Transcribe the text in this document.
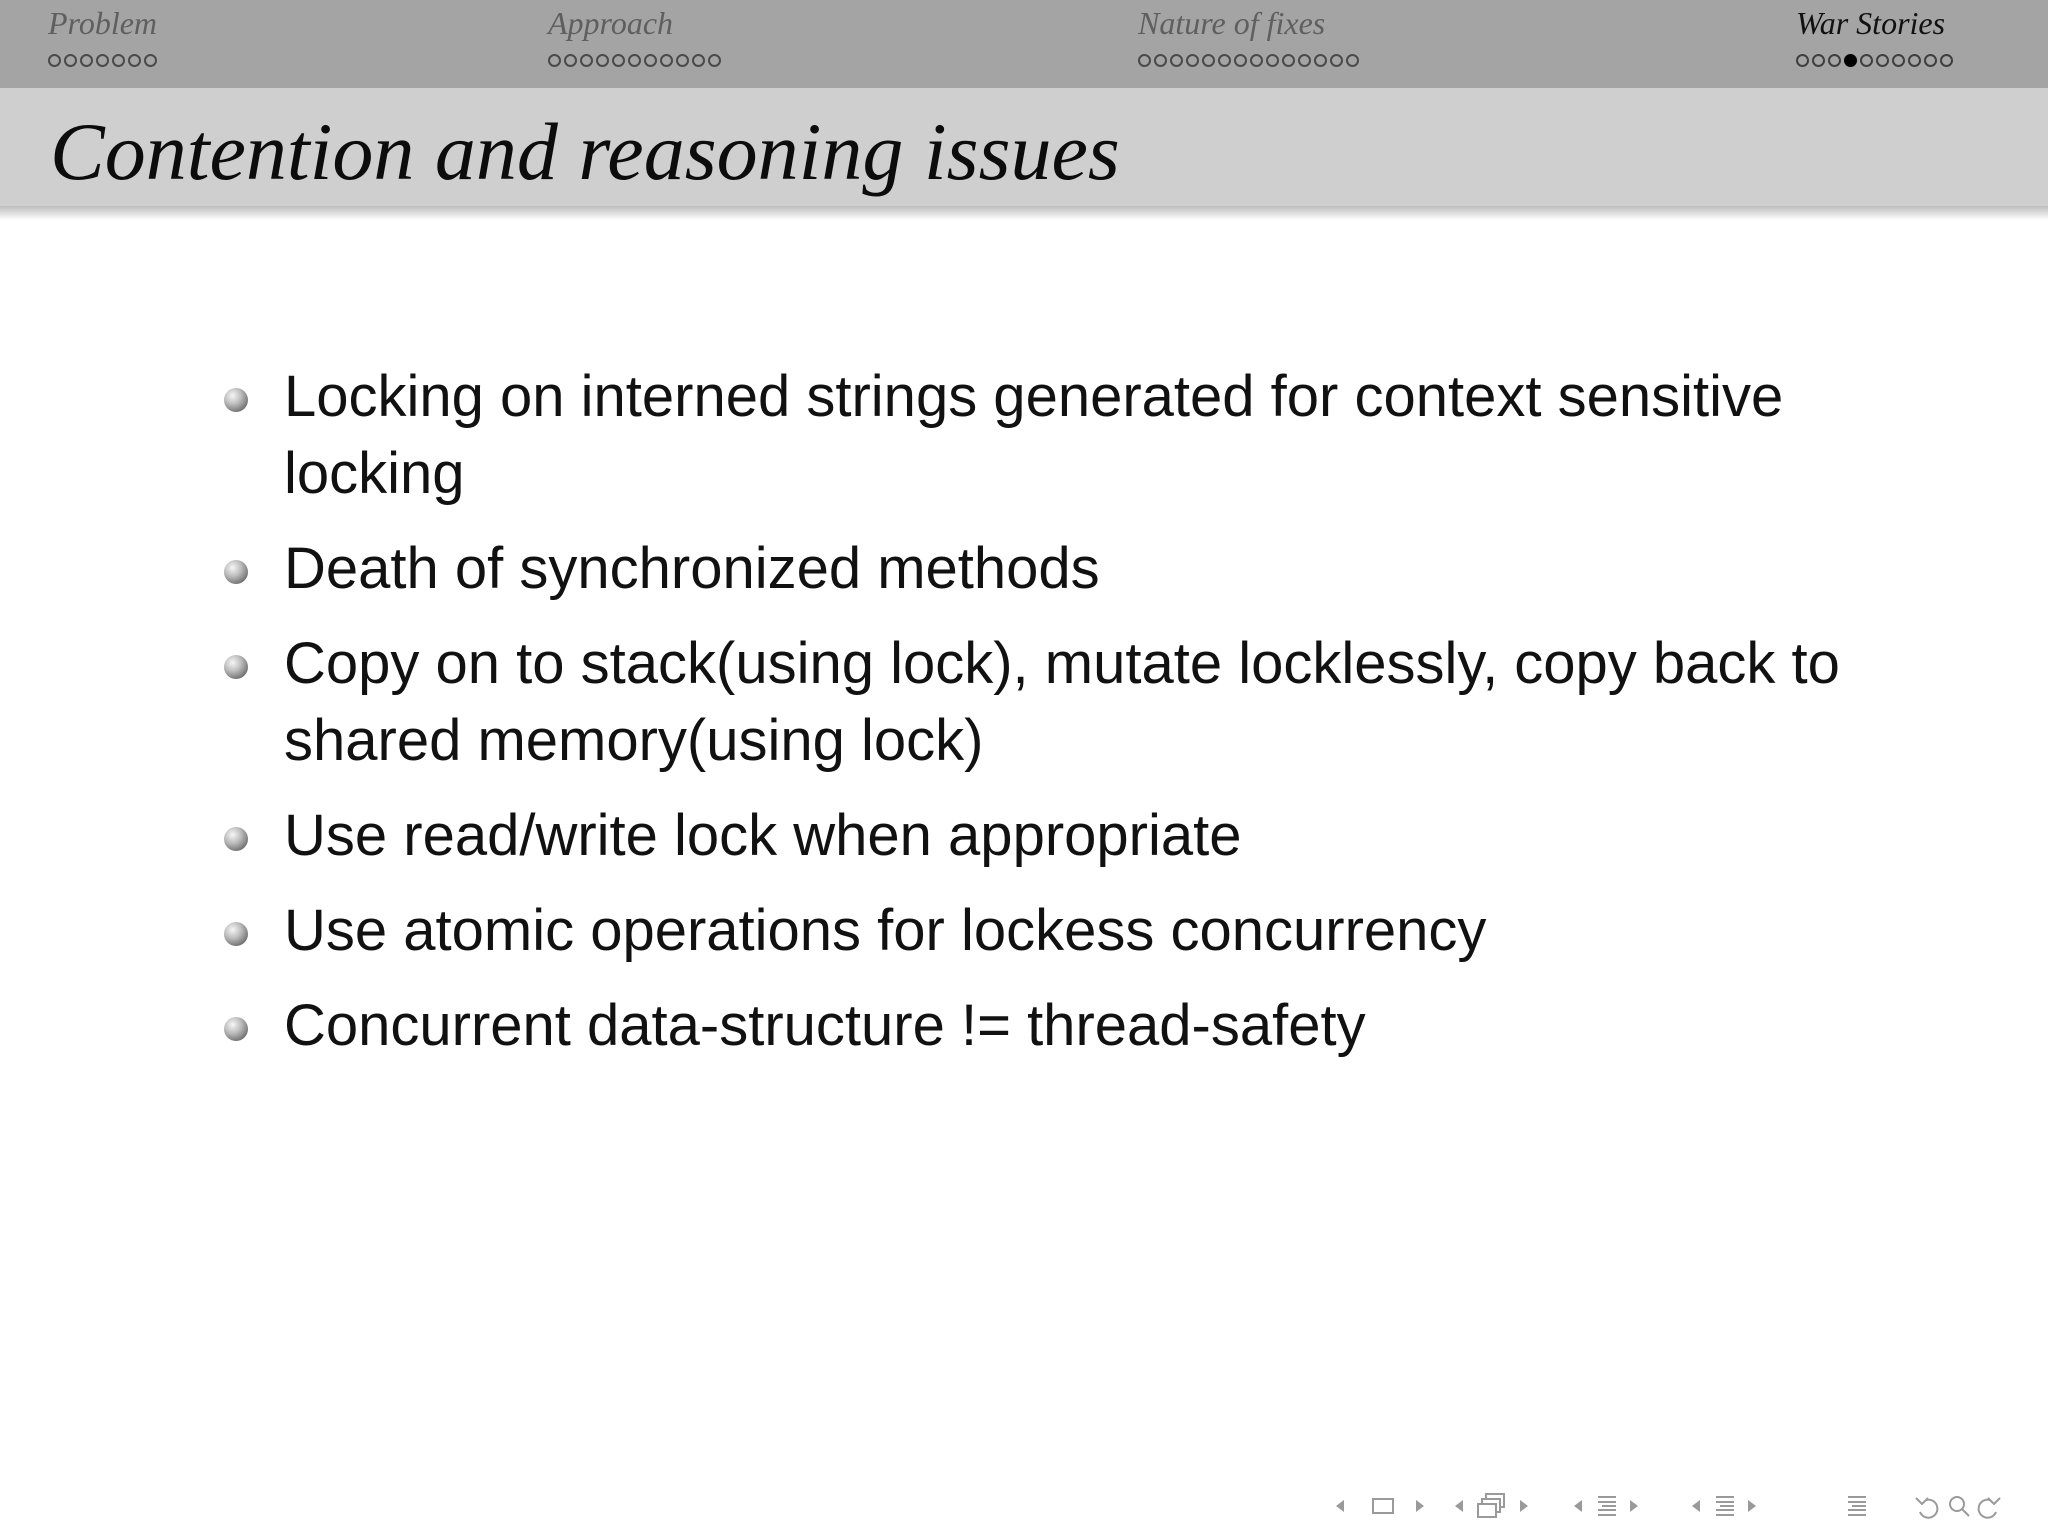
Problem	Approach	Nature of fixes	War Stories
Contention and reasoning issues
Locking on interned strings generated for context sensitive locking
Death of synchronized methods
Copy on to stack(using lock), mutate locklessly, copy back to shared memory(using lock)
Use read/write lock when appropriate
Use atomic operations for lockess concurrency
Concurrent data-structure != thread-safety
